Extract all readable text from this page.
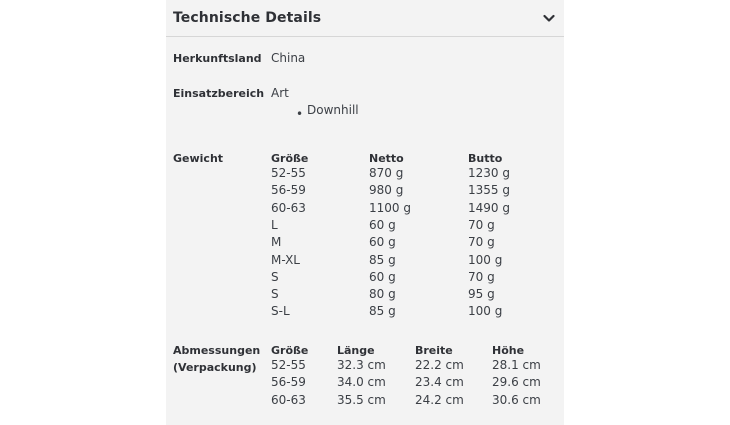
Technische Details
Herkunftsland China
Einsatzbereich Art
• Downhill
Gewicht	Größe	Netto	Butto
52-55	870 g	1230 g
56-59	980 g	1355 g
60-63	1100 g	1490 g
L	60 g	70 g
M	60 g	70 g
M-XL	85 g	100 g
S	60 g	70 g
S	80 g	95 g
S-L	85 g	100 g
Abmessungen
(Verpackung)
Größe	Länge	Breite	Höhe
52-55	32.3 cm 22.2 cm 28.1 cm
56-59	34.0 cm 23.4 cm 29.6 cm
60-63	35.5 cm 24.2 cm 30.6 cm
